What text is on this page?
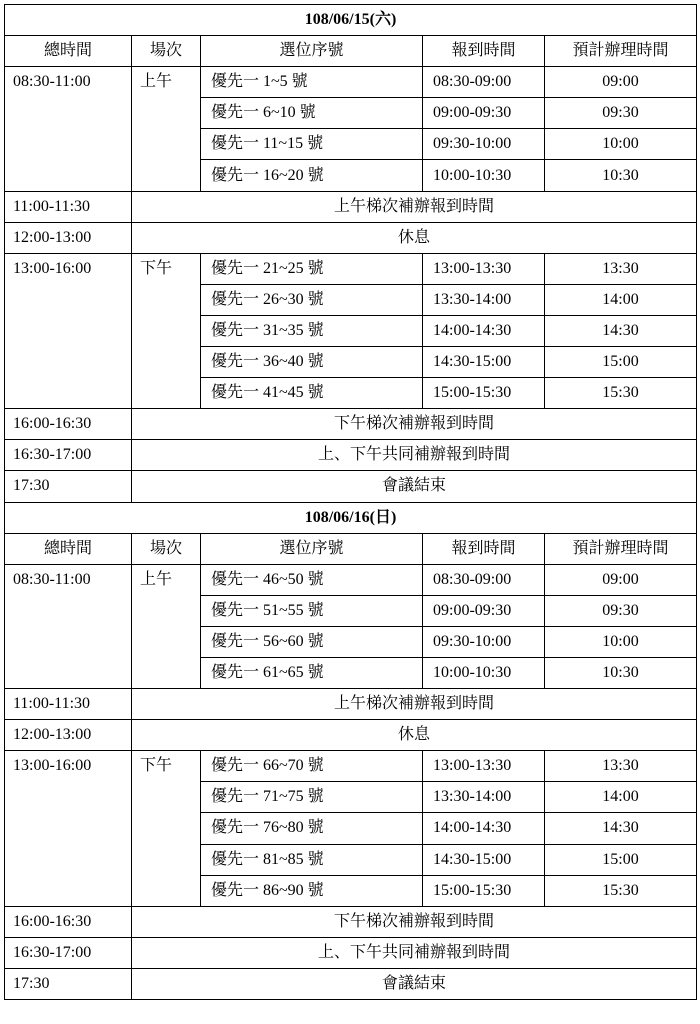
108/06/15(六)				
總時間	場次	選位序號	報到時間	預計辦理時間
08:30-11:00	上午	優先一 1~5 號	08:30-09:00	09:00
		優先一 6~10 號	09:00-09:30	09:30
		優先一 11~15 號	09:30-10:00	10:00
		優先一 16~20 號	10:00-10:30	10:30
11:00-11:30	上午梯次補辦報到時間			
12:00-13:00	休息			
13:00-16:00	下午	優先一 21~25 號	13:00-13:30	13:30
		優先一 26~30 號	13:30-14:00	14:00
		優先一 31~35 號	14:00-14:30	14:30
		優先一 36~40 號	14:30-15:00	15:00
		優先一 41~45 號	15:00-15:30	15:30
16:00-16:30	下午梯次補辦報到時間			
16:30-17:00	上、下午共同補辦報到時間			
17:30	會議結束			
108/06/16(日)				
總時間	場次	選位序號	報到時間	預計辦理時間
08:30-11:00	上午	優先一 46~50 號	08:30-09:00	09:00
		優先一 51~55 號	09:00-09:30	09:30
		優先一 56~60 號	09:30-10:00	10:00
		優先一 61~65 號	10:00-10:30	10:30
11:00-11:30	上午梯次補辦報到時間			
12:00-13:00	休息			
13:00-16:00	下午	優先一 66~70 號	13:00-13:30	13:30
		優先一 71~75 號	13:30-14:00	14:00
		優先一 76~80 號	14:00-14:30	14:30
		優先一 81~85 號	14:30-15:00	15:00
		優先一 86~90 號	15:00-15:30	15:30
16:00-16:30	下午梯次補辦報到時間			
16:30-17:00	上、下午共同補辦報到時間			
17:30	會議結束			
